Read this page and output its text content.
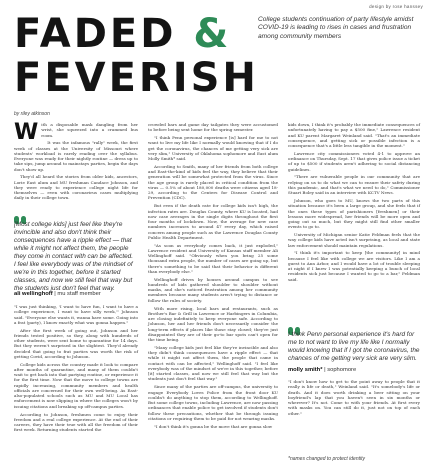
design by rose hanssey
FADED &
FEVERISH
College students continuation of party lifestyle amidst COVID-19 is leading to rises in cases and frustration among community members
by riley atkinson
W ith a disposable mask dangling from her wrist, she squeezed into a crammed bus room.

It was the infamous "rally" week, the first week of classes at the University of Missouri where students' workload is rarely reading over the syllabus. Everyone was ready for their nightly routine — dress up to take sips, jump around to mainstays parties, begin the days don't show up.

They'd all heard the stories from older kids, ancestors, Lorie East alum and MU freshman Candace Johnson, and they were ready to experience college night life for themselves — even with coronavirus cases multiplying daily in their college town.

[Most college kids] just feel like they're invincible and also don't think their consequences have a ripple effect — that while it might not affect them, the people they come in contact with can be affected. I feel like everybody was of the mindset of we're in this together, before it started classes, and now we still feel that way but the students just don't feel that way.
ali wellinghoff | mu staff member

"I was just thinking, 'I want to have fun, I want to have a college experience, I want to have silly week,'" Johnson said. "Everyone else wants it, wanna have some. Going into a frat (party), I know exactly what was gonna happen."

After the first week of going out, Johnson and her friends tested positive, so they, along with hundreds of other students, were sent home to quarantine for 14 days. But they weren't surprised in the slightest. They'd already decided that going to frat parties was worth the risk of getting Covid, according to Johnson.

College kids across the country made it look to compare after months of quarantine, and many of them couldn't wait to get back into that partying routine, or experience it for the first time. Now that the move to college towns are rapidly increasing, community members and health officials are concerned for their own well-being. As East-also-populated schools such as MU and MU Local has enforcement is now slipping in where the colleges won't by issuing citations and breaking up off-campus parties.

According to Johnson, freshmen come to enjoy their freedom and a real college experience. At the end of their careers, they have their true with all the freedom of their first week. Returning students started the

crowded bars and game day tailgates they were accustomed to before being sent home for the spring semester.

"I think Penn personal experience [is] hard for me to not want to live my life like I normally would knowing that if I do get the coronavirus, the chances of me getting very sick are very slim," University of Oklahoma sophomore and East alum Molly Smith* said.

According to Smith, many of her friends from both college and East-the-kind of kids feel the way, they believe that their generation will be somewhat protected from the virus. Since the age group is rarely placed in critical condition from the virus — 0.5% of about 180,000 deaths were citizens aged 18-29, according to the Centers for Disease Control and Prevention (CDC).

But even if the death rate for college kids isn't high, the infection rates are. Douglas County, where KU is located, had now case averages in the single digits throughout the first four months of lockdown. Now, the average for new case numbers increases to around 47 every day, which raised concern among people such as the Lawrence Douglas County Public Health Department.

"As soon as everybody comes back, it just exploded," Lawrence resident and University of Kansas staff member Ali Wellinghoff said. "Obviously when you bring 25 some thousand extra people, the number of cases are going up, but there's something to be said that their behavior is different than everybody else."

Wellinghoff drives by houses around campus to see hundreds of kids gathered shoulder to shoulder without masks, and she's noticed frustration among her community members because many students aren't trying to distance or follow the rules of society.

With more rising, local bars and restaurants, such as Brother's Bar & Grill in Lawrence or Harbingers in Columbia, are closing indefinitely to keep everyone safe. According to Johnson, her and her friends don't necessarily consider the long-term effects if places like those stay closed; they're just disappointed they are of their go-to bar spots can't open for the time being.

"Many college kids just feel like they're invincible and also they didn't think consequences have a ripple effect — that while it might not affect them, the people that came in contact with can be affected," Wellinghoff said. "I feel like everybody was of the mindset of we're in this together, before [it] started classes, and now we still feel that way but the students just don't feel that way."

Since many of the parties are off-campus, the university to engage Everybody Loves Police from the front door KU couldn't do anything to stop them, according to Wellinghoff. But some college towns, including Lawrence, are now passing ordinances that enable police to get involved if students don't follow these precautions, whether that be through issuing citations or requiring them to be paid for not wearing masks.

"I don't think it's gonna be the move that are gonna slow

kids down, I think it's probably the immediate consequences of unfortunately having to pay a $500 fine," Lawrence resident and KU parent Margaret Weinland said. "That's an immediate consequence, and getting sick or possible infection is a consequence that's a little less tangible in the moment."

Lawrence city commissioners voted 4-1 to approve an ordinance on Thursday, Sept. 17 that gives police issue a ticket of up to $500 if students aren't adhering to social distancing guidelines.

"There are vulnerable people in our community that are relying on us to do what we can to ensure their safety during this pandemic, and that's what we need to do," Commissioner Stuart Boley said in an interview with KCTV News.

Johnson, who goes to MU, knows the two parts of this situation because it's been a large group, and she feels that if the ones these types of parishioners [freshmen] or their lessons more widespread, her friends will be more open and going out so much, but they might still find other smaller events to go to.

University of Michigan senior Katie Feldman feels that the way college kids have acted isn't surprising, as local and state law enforcement should maintain regulations.

"I think it's important to keep [the community] in mind because I feel like with college we are visitors. Like I am a guest to Ann Arbor, and I would have a lot of trouble sleeping at night if I knew I was potentially keeping a bunch of local residents sick just because I wanted to go to a bar," Feldman said.

I think Penn personal experience it's hard for me to not want to live my life like I normally would knowing that if I got the coronavirus, the chances of me getting very sick are very slim.
molly smith* | sophomore

"I don't know how to get to the point away to people that it really is life or death," Weinland said. "It's somebody's life or death. And it does worth drinking a beer sitting on your boyfriend's lap that you haven't seen in six months or wherever? It's not. Come to with your friends. At first every with masks on. You can still do it, just not on top of each other."

*names changed to protect identity
